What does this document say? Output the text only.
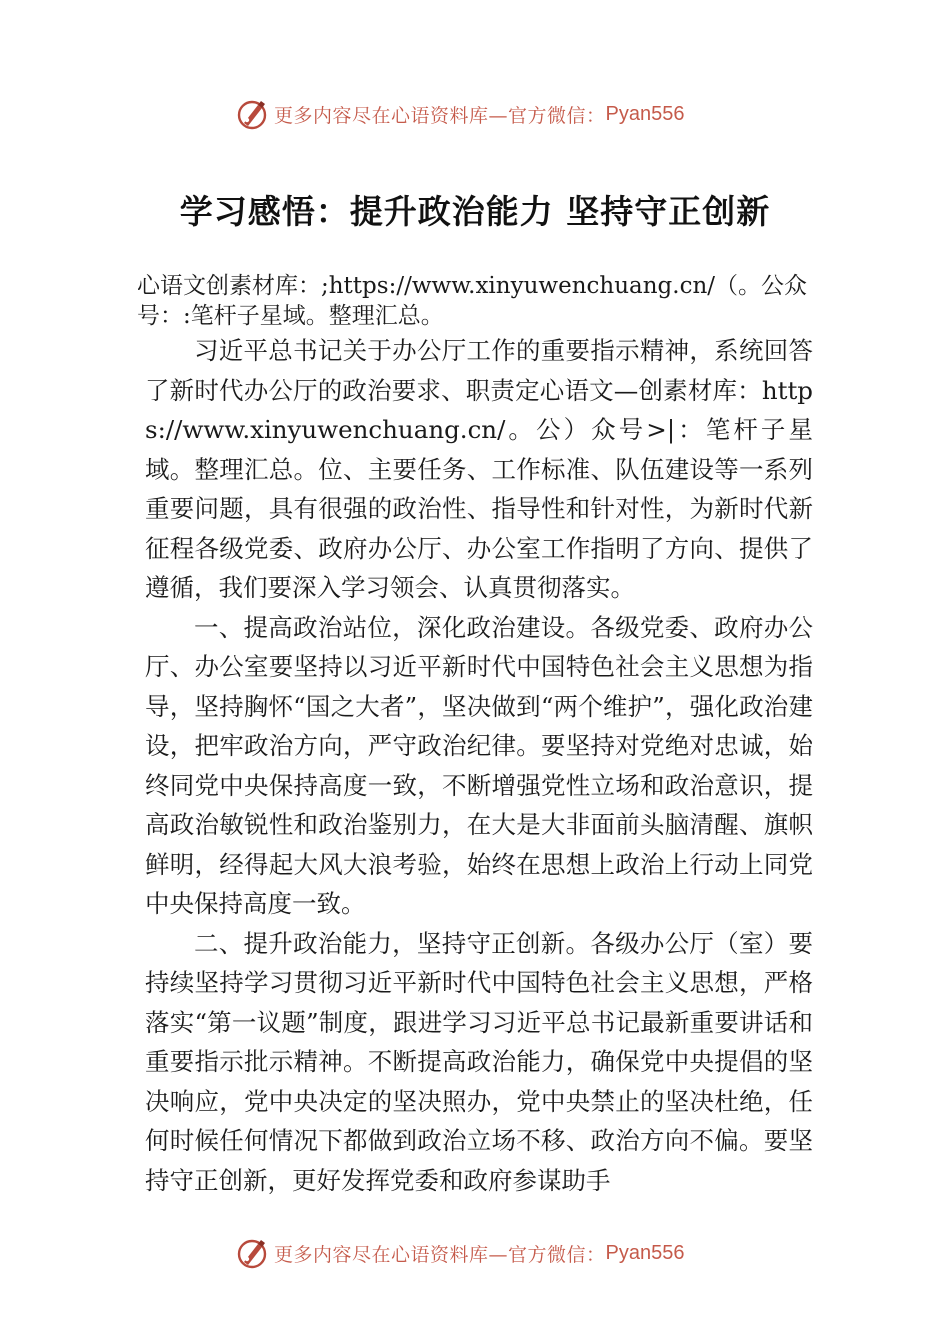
更多内容尽在心语资料库—官方微信： Pyan556
学习感悟：提升政治能力 坚持守正创新
心语文创素材库：;https://www.xinyuwenchuang.cn/（。公众号：:笔杆子星域。整理汇总。

习近平总书记关于办公厅工作的重要指示精神，系统回答了新时代办公厅的政治要求、职责定心语文—创素材库：https://www.xinyuwenchuang.cn/。公）众号>|：笔杆子星域。整理汇总。位、主要任务、工作标准、队伍建设等一系列重要问题，具有很强的政治性、指导性和针对性，为新时代新征程各级党委、政府办公厅、办公室工作指明了方向、提供了遵循，我们要深入学习领会、认真贯彻落实。

一、提高政治站位，深化政治建设。各级党委、政府办公厅、办公室要坚持以习近平新时代中国特色社会主义思想为指导，坚持胸怀“国之大者”，坚决做到“两个维护”，强化政治建设，把牢政治方向，严守政治纪律。要坚持对党绝对忠诚，始终同党中央保持高度一致，不断增强党性立场和政治意识，提高政治敏锐性和政治鉴别力，在大是大非面前头脑清醒、旗帜鲜明，经得起大风大浪考验，始终在思想上政治上行动上同党中央保持高度一致。

二、提升政治能力，坚持守正创新。各级办公厅（室）要持续坚持学习贯彻习近平新时代中国特色社会主义思想，严格落实“第一议题”制度，跟进学习习近平总书记最新重要讲话和重要指示批示精神。不断提高政治能力，确保党中央提倡的坚决响应，党中央决定的坚决照办，党中央禁止的坚决杜绝，任何时候任何情况下都做到政治立场不移、政治方向不偏。要坚持守正创新，更好发挥党委和政府参谋助手

更多内容尽在心语资料库—官方微信： Pyan556
